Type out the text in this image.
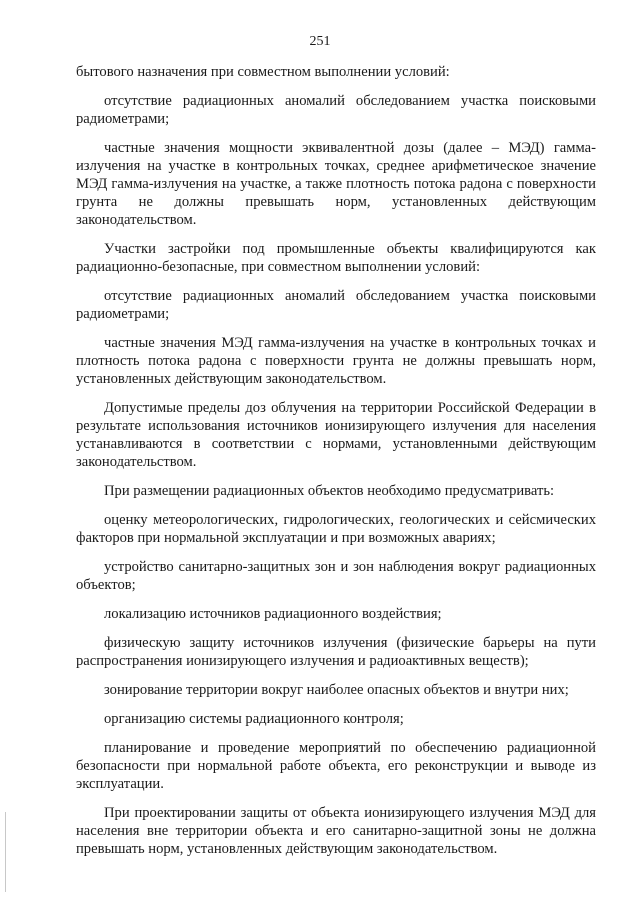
251

бытового назначения при совместном выполнении условий:

отсутствие радиационных аномалий обследованием участка поисковыми радиометрами;

частные значения мощности эквивалентной дозы (далее – МЭД) гамма-излучения на участке в контрольных точках, среднее арифметическое значение МЭД гамма-излучения на участке, а также плотность потока радона с поверхности грунта не должны превышать норм, установленных действующим законодательством.

Участки застройки под промышленные объекты квалифицируются как радиационно-безопасные, при совместном выполнении условий:

отсутствие радиационных аномалий обследованием участка поисковыми радиометрами;

частные значения МЭД гамма-излучения на участке в контрольных точках и плотность потока радона с поверхности грунта не должны превышать норм, установленных действующим законодательством.

Допустимые пределы доз облучения на территории Российской Федерации в результате использования источников ионизирующего излучения для населения устанавливаются в соответствии с нормами, установленными действующим законодательством.

При размещении радиационных объектов необходимо предусматривать:

оценку метеорологических, гидрологических, геологических и сейсмических факторов при нормальной эксплуатации и при возможных авариях;

устройство санитарно-защитных зон и зон наблюдения вокруг радиационных объектов;

локализацию источников радиационного воздействия;

физическую защиту источников излучения (физические барьеры на пути распространения ионизирующего излучения и радиоактивных веществ);

зонирование территории вокруг наиболее опасных объектов и внутри них;

организацию системы радиационного контроля;

планирование и проведение мероприятий по обеспечению радиационной безопасности при нормальной работе объекта, его реконструкции и выводе из эксплуатации.

При проектировании защиты от объекта ионизирующего излучения МЭД для населения вне территории объекта и его санитарно-защитной зоны не должна превышать норм, установленных действующим законодательством.
